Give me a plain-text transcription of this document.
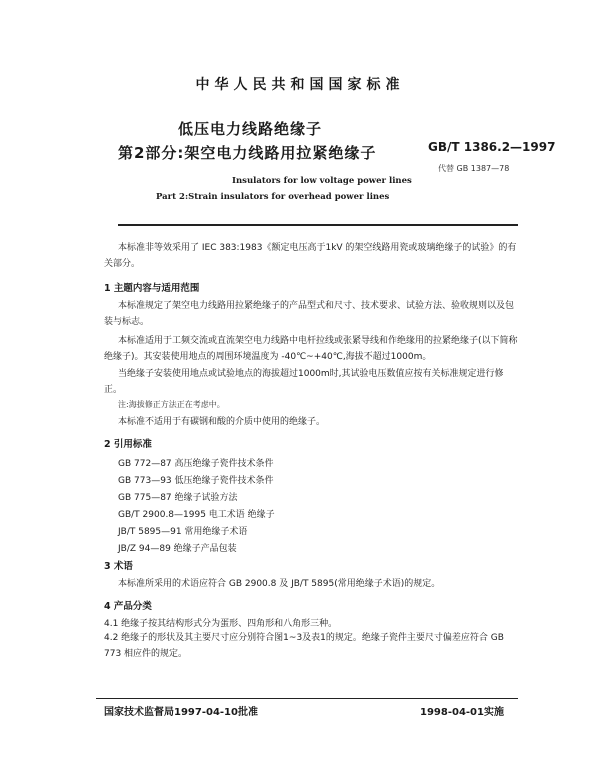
中华人民共和国国家标准
低压电力线路绝缘子
第2部分:架空电力线路用拉紧绝缘子	GB/T 1386.2—1997
代替 GB 1387—78
Insulators for low voltage power lines
Part 2:Strain insulators for overhead power lines
本标准非等效采用了 IEC 383:1983《额定电压高于1kV 的架空线路用瓷或玻璃绝缘子的试验》的有关部分。
1 主题内容与适用范围
本标准规定了架空电力线路用拉紧绝缘子的产品型式和尺寸、技术要求、试验方法、验收规则以及包装与标志。
本标准适用于工频交流或直流架空电力线路中电杆拉线或张紧导线和作绝缘用的拉紧绝缘子(以下简称绝缘子)。其安装使用地点的周围环境温度为 -40℃~+40℃,海拔不超过1000m。
当绝缘子安装使用地点或试验地点的海拔超过1000m时,其试验电压数值应按有关标准规定进行修正。
注:海拔修正方法正在考虑中。
本标准不适用于有碳钢和酸的介质中使用的绝缘子。
2 引用标准
GB 772—87 高压绝缘子瓷件技术条件
GB 773—93 低压绝缘子瓷件技术条件
GB 775—87 绝缘子试验方法
GB/T 2900.8—1995 电工术语 绝缘子
JB/T 5895—91 常用绝缘子术语
JB/Z 94—89 绝缘子产品包装
3 术语
本标准所采用的术语应符合 GB 2900.8 及 JB/T 5895(常用绝缘子术语)的规定。
4 产品分类
4.1 绝缘子按其结构形式分为蛋形、四角形和八角形三种。
4.2 绝缘子的形状及其主要尺寸应分别符合图1~3及表1的规定。绝缘子瓷件主要尺寸偏差应符合 GB 773 相应件的规定。
国家技术监督局1997-04-10批准	1998-04-01实施
